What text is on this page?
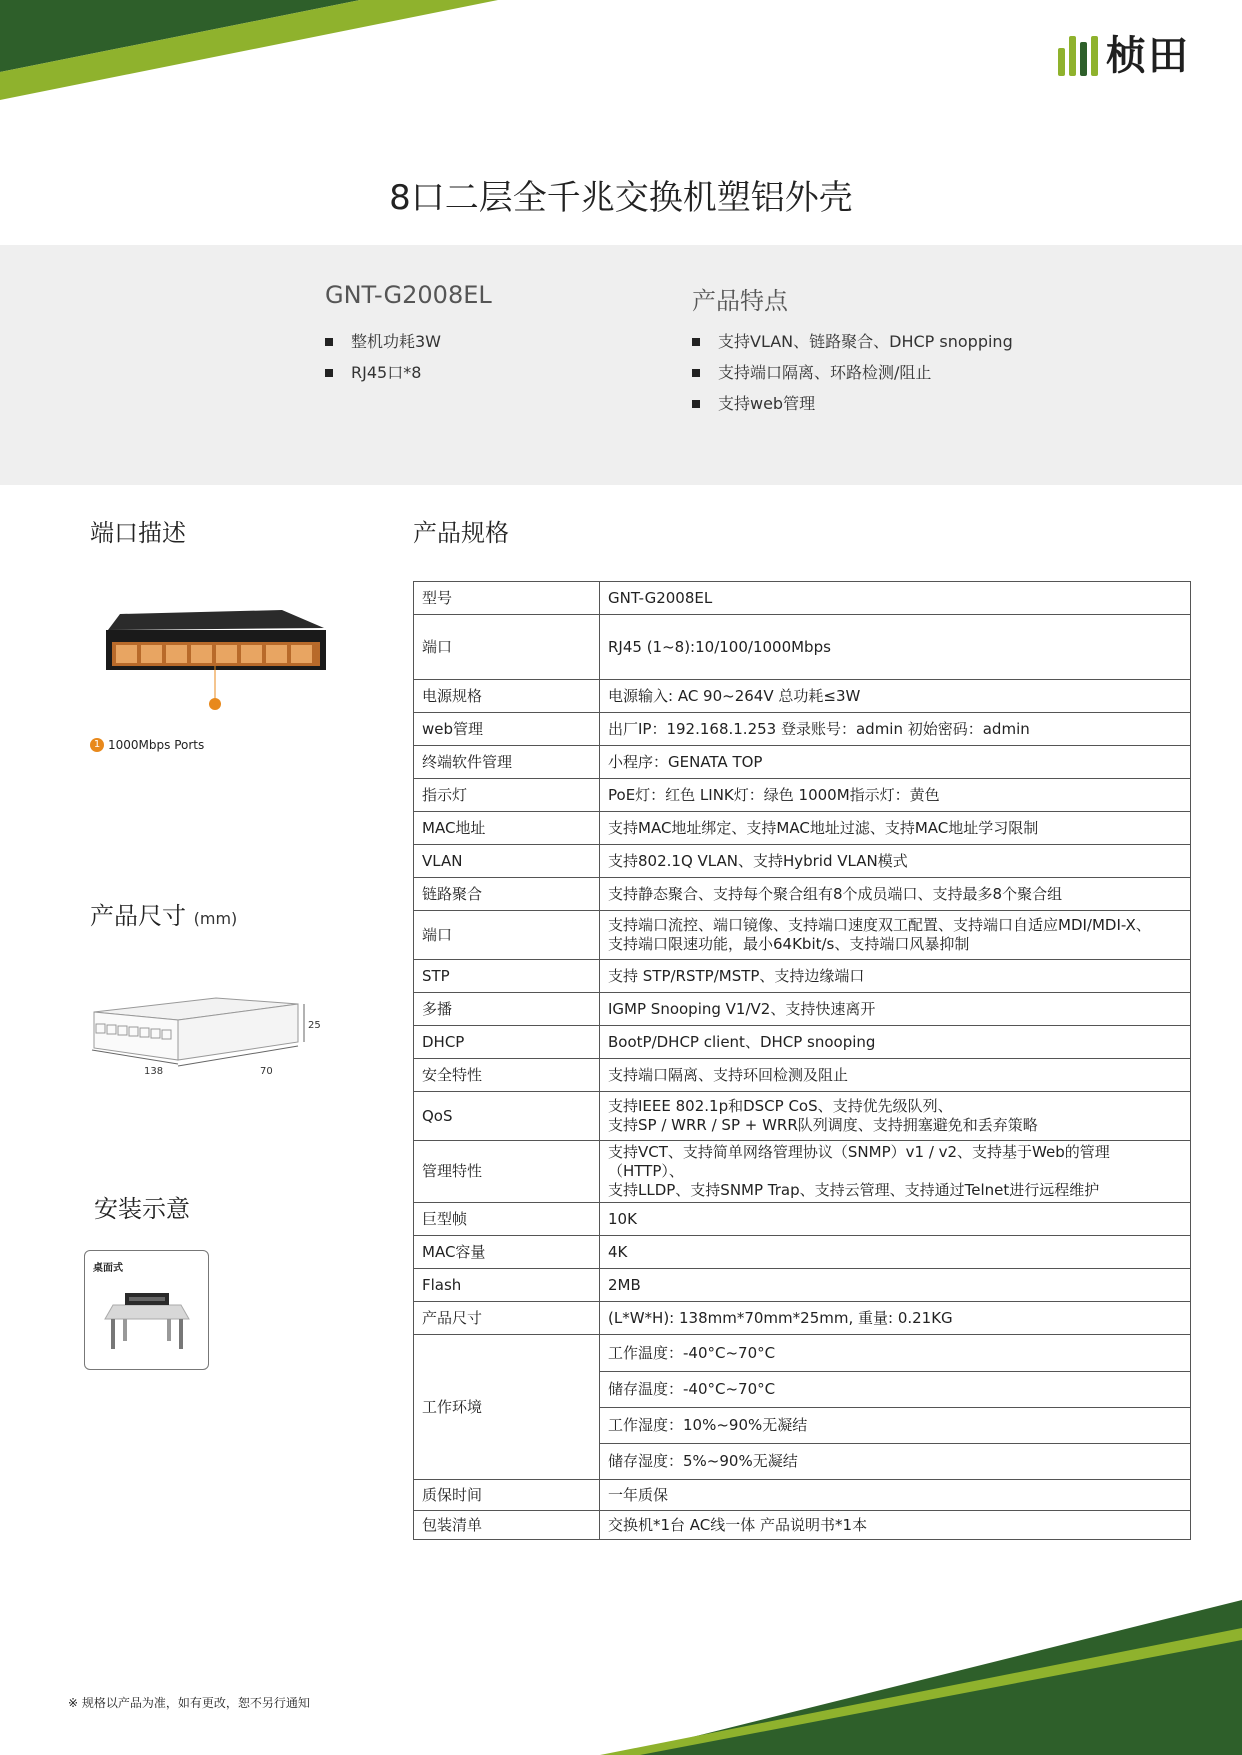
桢田
8口二层全千兆交换机塑铝外壳
GNT-G2008EL
整机功耗3W
RJ45口*8
产品特点
支持VLAN、链路聚合、DHCP snopping
支持端口隔离、环路检测/阻止
支持web管理
端口描述
1 1000Mbps Ports
产品尺寸 (mm)
138	70
25
安装示意
桌面式
产品规格
型号	GNT-G2008EL

端口	RJ45 (1~8):10/100/1000Mbps

电源规格	电源输入: AC 90~264V 总功耗≤3W

web管理	出厂IP：192.168.1.253 登录账号：admin 初始密码：admin

终端软件管理	小程序：GENATA TOP

指示灯	PoE灯：红色 LINK灯：绿色 1000M指示灯：黄色

MAC地址	支持MAC地址绑定、支持MAC地址过滤、支持MAC地址学习限制

VLAN	支持802.1Q VLAN、支持Hybrid VLAN模式

链路聚合	支持静态聚合、支持每个聚合组有8个成员端口、支持最多8个聚合组

端口	支持端口流控、端口镜像、支持端口速度双工配置、支持端口自适应MDI/MDI-X、
支持端口限速功能，最小64Kbit/s、支持端口风暴抑制

STP	支持 STP/RSTP/MSTP、支持边缘端口

多播	IGMP Snooping V1/V2、支持快速离开

DHCP	BootP/DHCP client、DHCP snooping

安全特性	支持端口隔离、支持环回检测及阻止

QoS	支持IEEE 802.1p和DSCP CoS、支持优先级队列、
支持SP / WRR / SP + WRR队列调度、支持拥塞避免和丢弃策略

管理特性	支持VCT、支持简单网络管理协议（SNMP）v1 / v2、支持基于Web的管理（HTTP）、
支持LLDP、支持SNMP Trap、支持云管理、支持通过Telnet进行远程维护

巨型帧	10K

MAC容量	4K

Flash	2MB

产品尺寸	(L*W*H): 138mm*70mm*25mm, 重量: 0.21KG

工作环境	工作温度：-40°C~70°C
	储存温度：-40°C~70°C
	工作湿度：10%~90%无凝结
	储存湿度：5%~90%无凝结
质保时间	一年质保

包装清单	交换机*1台 AC线一体 产品说明书*1本
※ 规格以产品为准，如有更改，恕不另行通知
